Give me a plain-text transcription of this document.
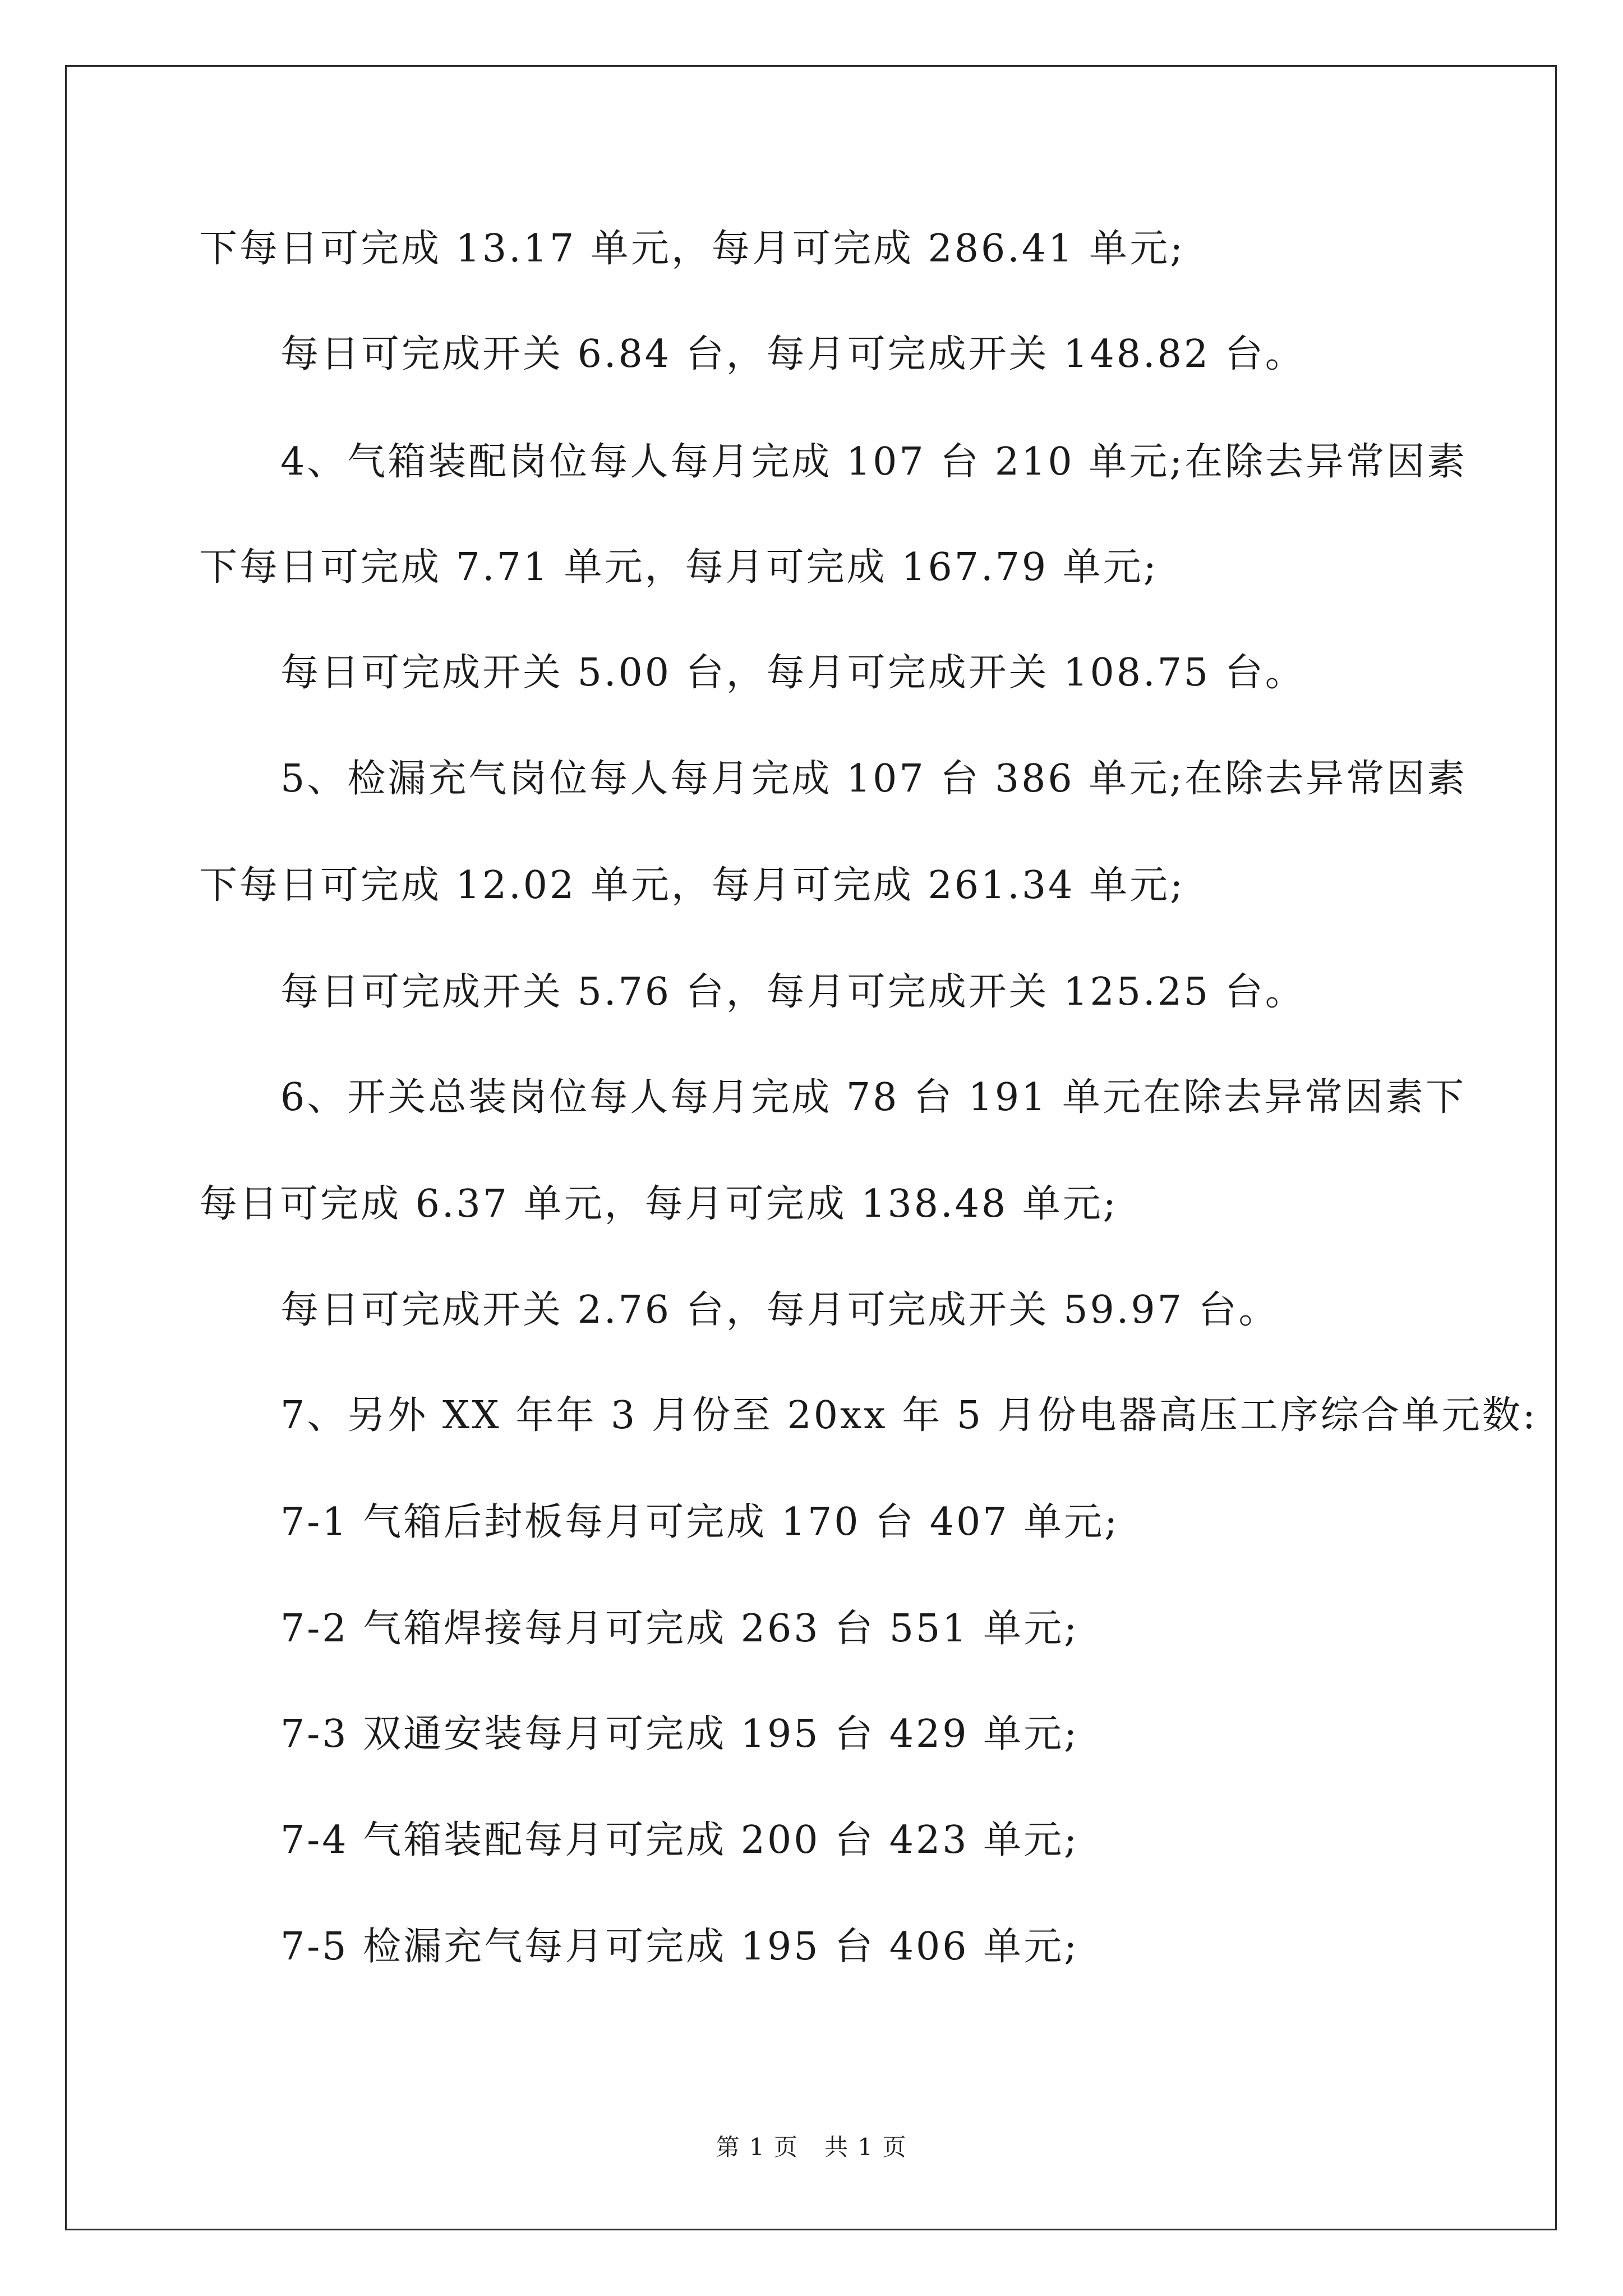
下每日可完成 13.17 单元，每月可完成 286.41 单元;
每日可完成开关 6.84 台，每月可完成开关 148.82 台。
4、气箱装配岗位每人每月完成 107 台 210 单元;在除去异常因素
下每日可完成 7.71 单元，每月可完成 167.79 单元;
每日可完成开关 5.00 台，每月可完成开关 108.75 台。
5、检漏充气岗位每人每月完成 107 台 386 单元;在除去异常因素
下每日可完成 12.02 单元，每月可完成 261.34 单元;
每日可完成开关 5.76 台，每月可完成开关 125.25 台。
6、开关总装岗位每人每月完成 78 台 191 单元在除去异常因素下
每日可完成 6.37 单元，每月可完成 138.48 单元;
每日可完成开关 2.76 台，每月可完成开关 59.97 台。
7、另外 XX 年年 3 月份至 20xx 年 5 月份电器高压工序综合单元数:
7-1 气箱后封板每月可完成 170 台 407 单元;
7-2 气箱焊接每月可完成 263 台 551 单元;
7-3 双通安装每月可完成 195 台 429 单元;
7-4 气箱装配每月可完成 200 台 423 单元;
7-5 检漏充气每月可完成 195 台 406 单元;
第 1 页   共 1 页
